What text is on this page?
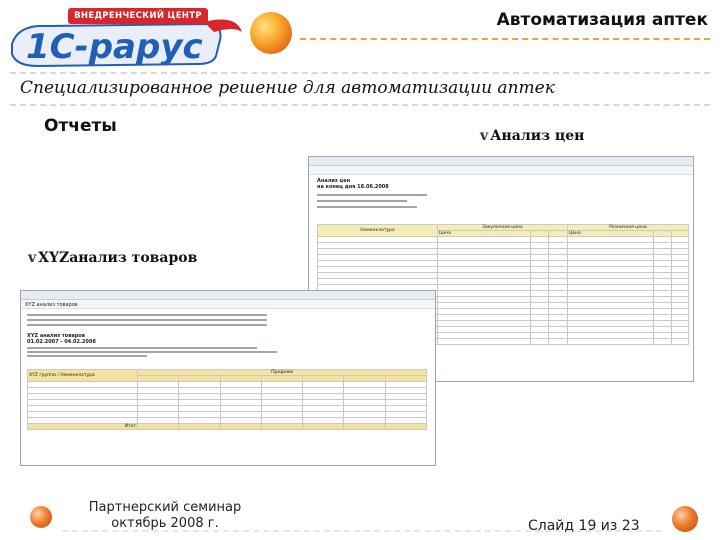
1С-рарус
ВНЕДРЕНЧЕСКИЙ ЦЕНТР	Автоматизация аптек
Специализированное решение для автоматизации аптек
Отчеты	v Анализ цен
v XYZанализ товаров
Анализ цен
на конец дня 18.06.2008
Номенклатура	Закупочная цена			Розничная цена		
	Цена			Цена		

XYZ анализ товаров
XYZ анализ товаров
01.02.2007 - 04.02.2008
XYZ группа / Номенклатура	Продажи						

Итог							
Партнерский семинар
октябрь 2008 г.	Слайд 19 из 23
